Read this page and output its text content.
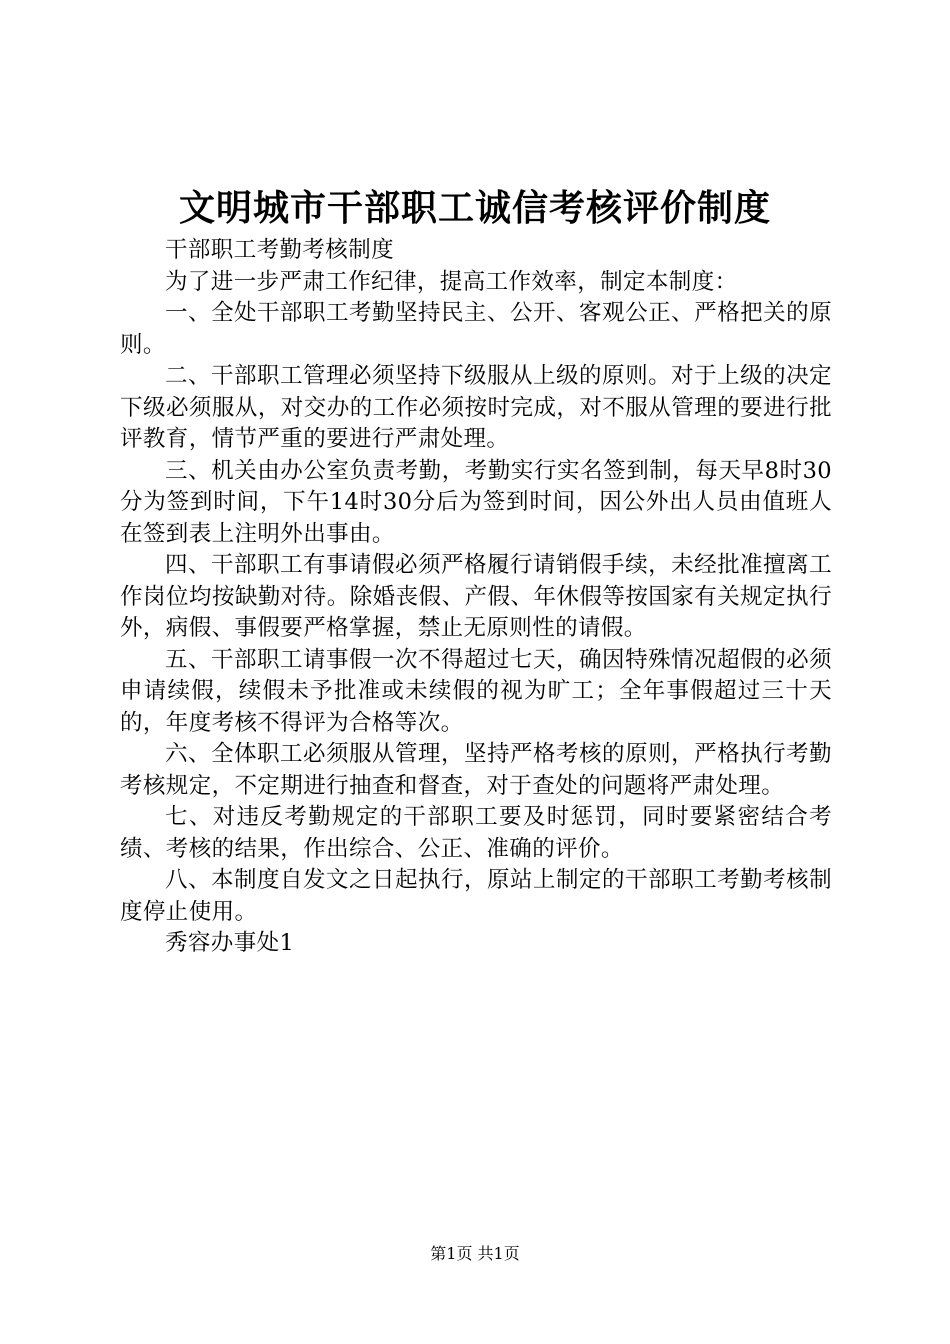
文明城市干部职工诚信考核评价制度

干部职工考勤考核制度

为了进一步严肃工作纪律，提高工作效率，制定本制度：

一、全处干部职工考勤坚持民主、公开、客观公正、严格把关的原则。

二、干部职工管理必须坚持下级服从上级的原则。对于上级的决定下级必须服从，对交办的工作必须按时完成，对不服从管理的要进行批评教育，情节严重的要进行严肃处理。

三、机关由办公室负责考勤，考勤实行实名签到制，每天早8时30分为签到时间，下午14时30分后为签到时间，因公外出人员由值班人在签到表上注明外出事由。

四、干部职工有事请假必须严格履行请销假手续，未经批准擅离工作岗位均按缺勤对待。除婚丧假、产假、年休假等按国家有关规定执行外，病假、事假要严格掌握，禁止无原则性的请假。

五、干部职工请事假一次不得超过七天，确因特殊情况超假的必须申请续假，续假未予批准或未续假的视为旷工；全年事假超过三十天的，年度考核不得评为合格等次。

六、全体职工必须服从管理，坚持严格考核的原则，严格执行考勤考核规定，不定期进行抽查和督查，对于查处的问题将严肃处理。

七、对违反考勤规定的干部职工要及时惩罚，同时要紧密结合考绩、考核的结果，作出综合、公正、准确的评价。

八、本制度自发文之日起执行，原站上制定的干部职工考勤考核制度停止使用。

秀容办事处1

第1页 共1页
